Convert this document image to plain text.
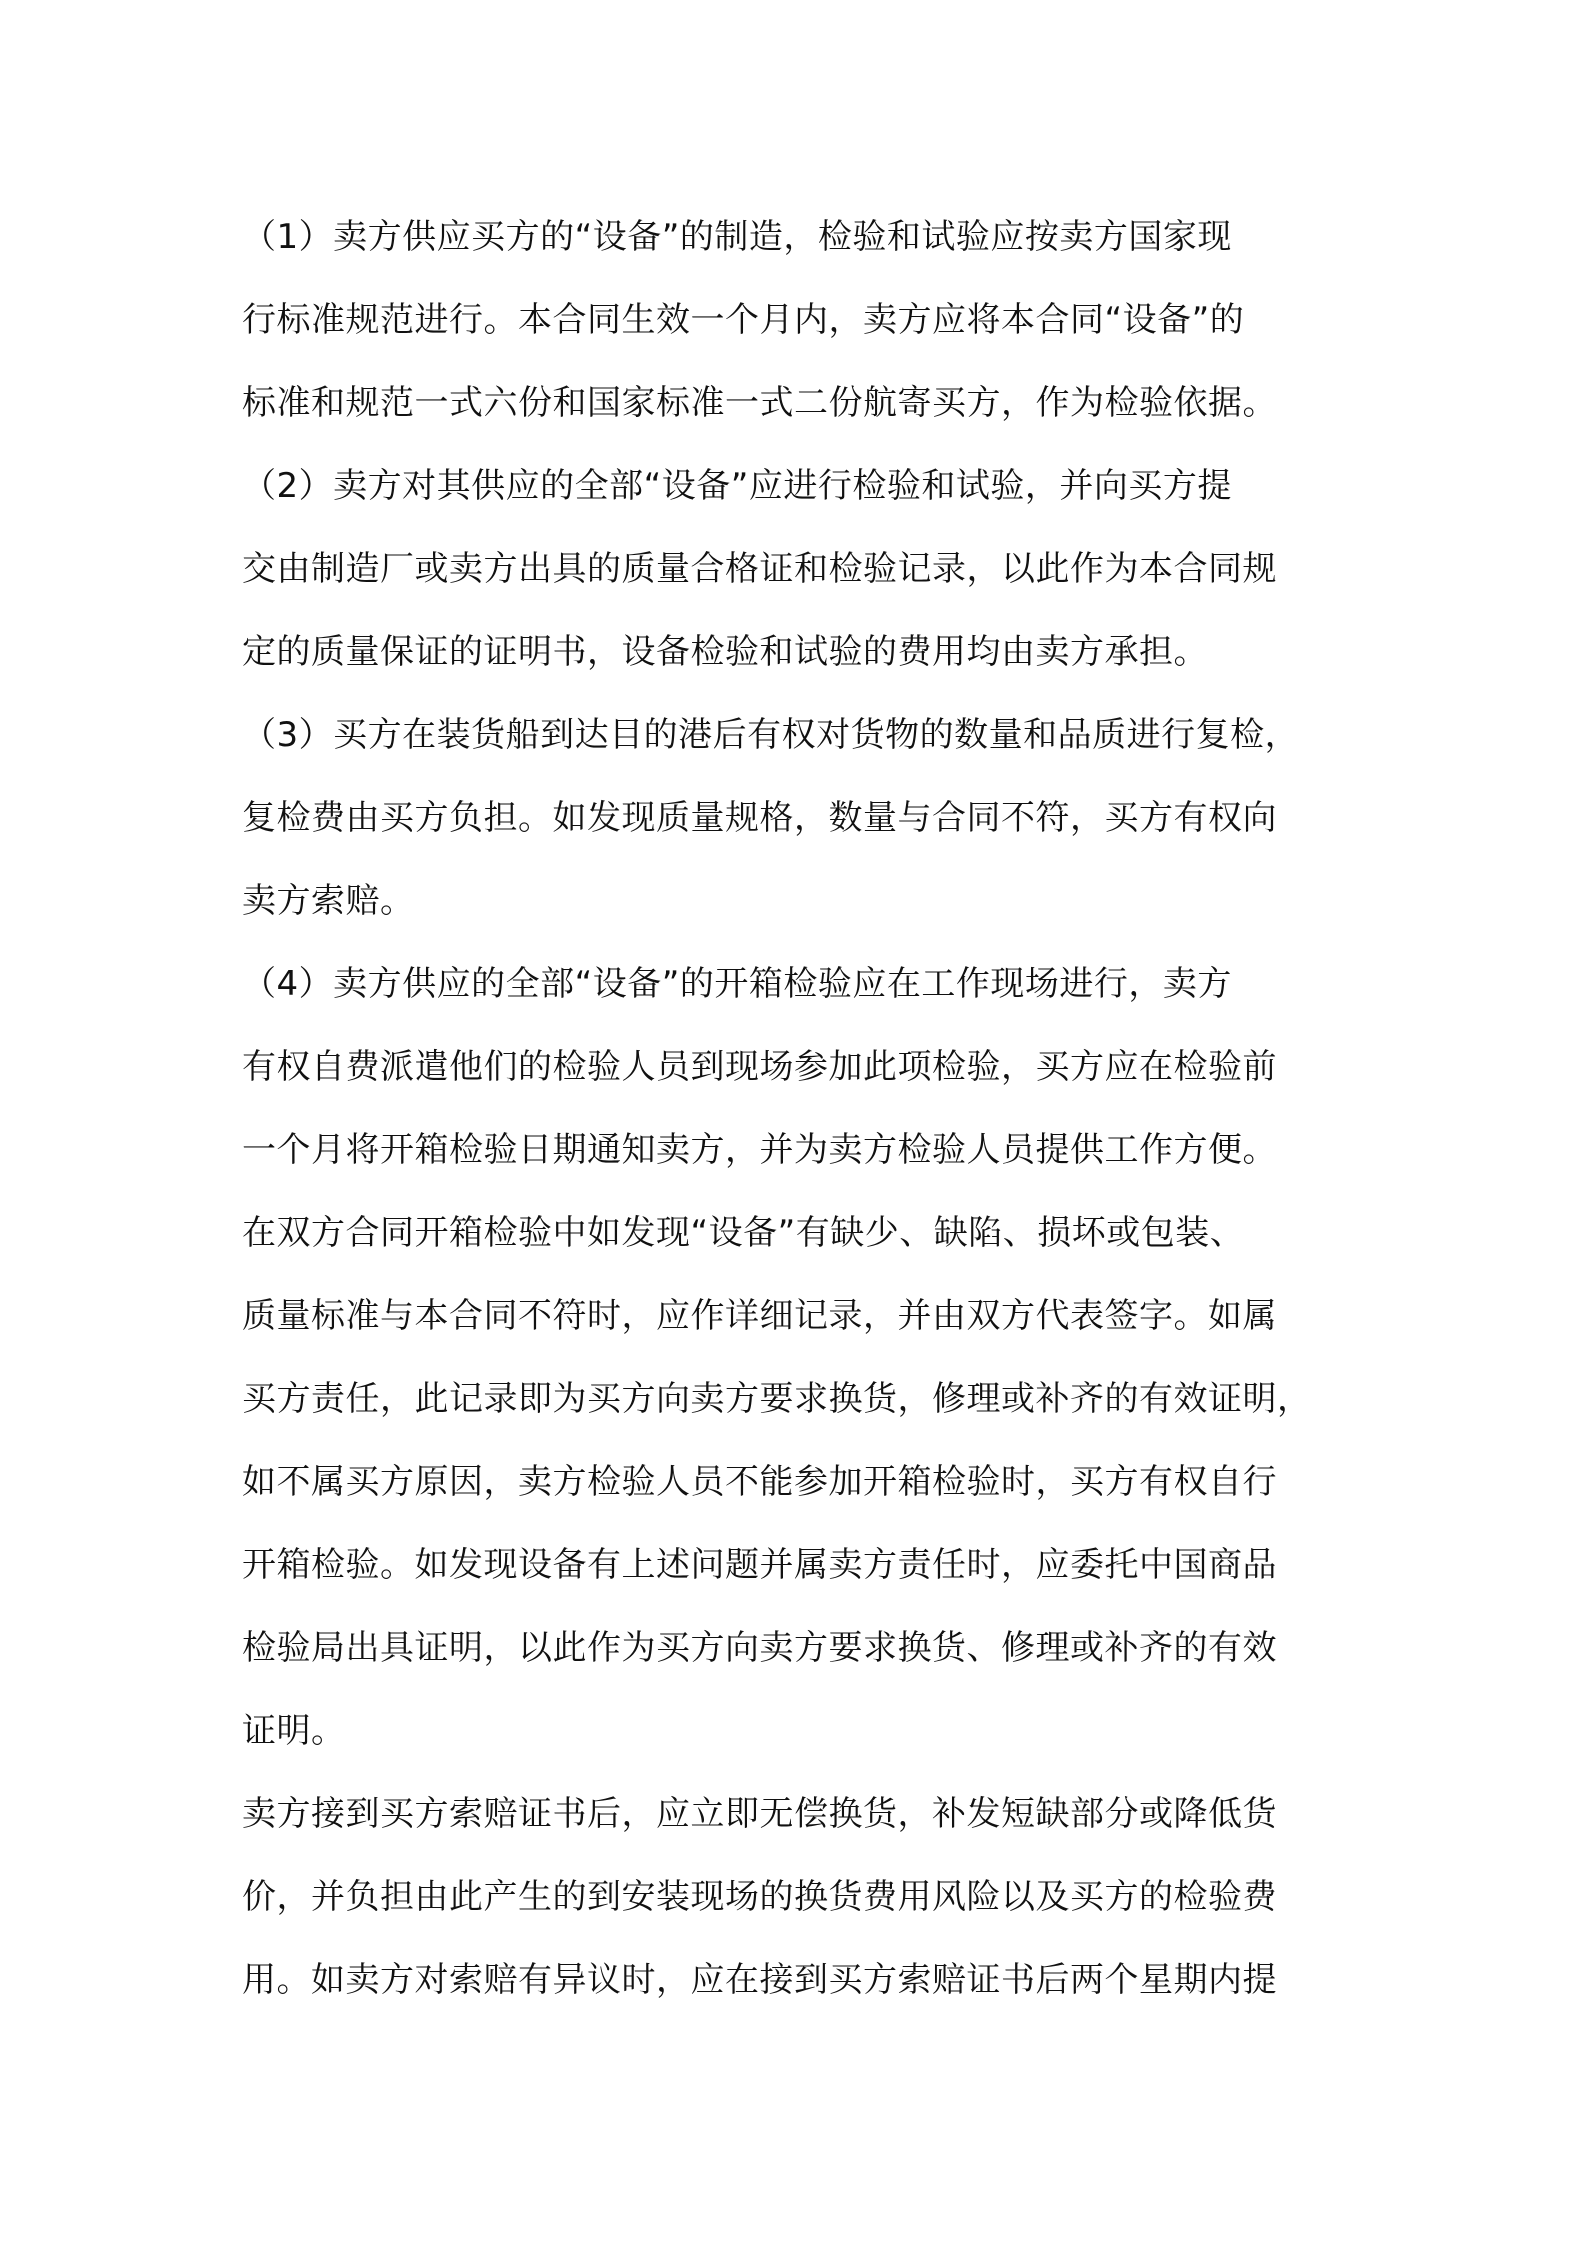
（1）卖方供应买方的“设备”的制造，检验和试验应按卖方国家现
行标准规范进行。本合同生效一个月内，卖方应将本合同“设备”的
标准和规范一式六份和国家标准一式二份航寄买方，作为检验依据。
（2）卖方对其供应的全部“设备”应进行检验和试验，并向买方提
交由制造厂或卖方出具的质量合格证和检验记录，以此作为本合同规
定的质量保证的证明书，设备检验和试验的费用均由卖方承担。
（3）买方在装货船到达目的港后有权对货物的数量和品质进行复检，
复检费由买方负担。如发现质量规格，数量与合同不符，买方有权向
卖方索赔。
（4）卖方供应的全部“设备”的开箱检验应在工作现场进行，卖方
有权自费派遣他们的检验人员到现场参加此项检验，买方应在检验前
一个月将开箱检验日期通知卖方，并为卖方检验人员提供工作方便。
在双方合同开箱检验中如发现“设备”有缺少、缺陷、损坏或包装、
质量标准与本合同不符时，应作详细记录，并由双方代表签字。如属
买方责任，此记录即为买方向卖方要求换货，修理或补齐的有效证明，
如不属买方原因，卖方检验人员不能参加开箱检验时，买方有权自行
开箱检验。如发现设备有上述问题并属卖方责任时，应委托中国商品
检验局出具证明，以此作为买方向卖方要求换货、修理或补齐的有效
证明。
卖方接到买方索赔证书后，应立即无偿换货，补发短缺部分或降低货
价，并负担由此产生的到安装现场的换货费用风险以及买方的检验费
用。如卖方对索赔有异议时，应在接到买方索赔证书后两个星期内提
